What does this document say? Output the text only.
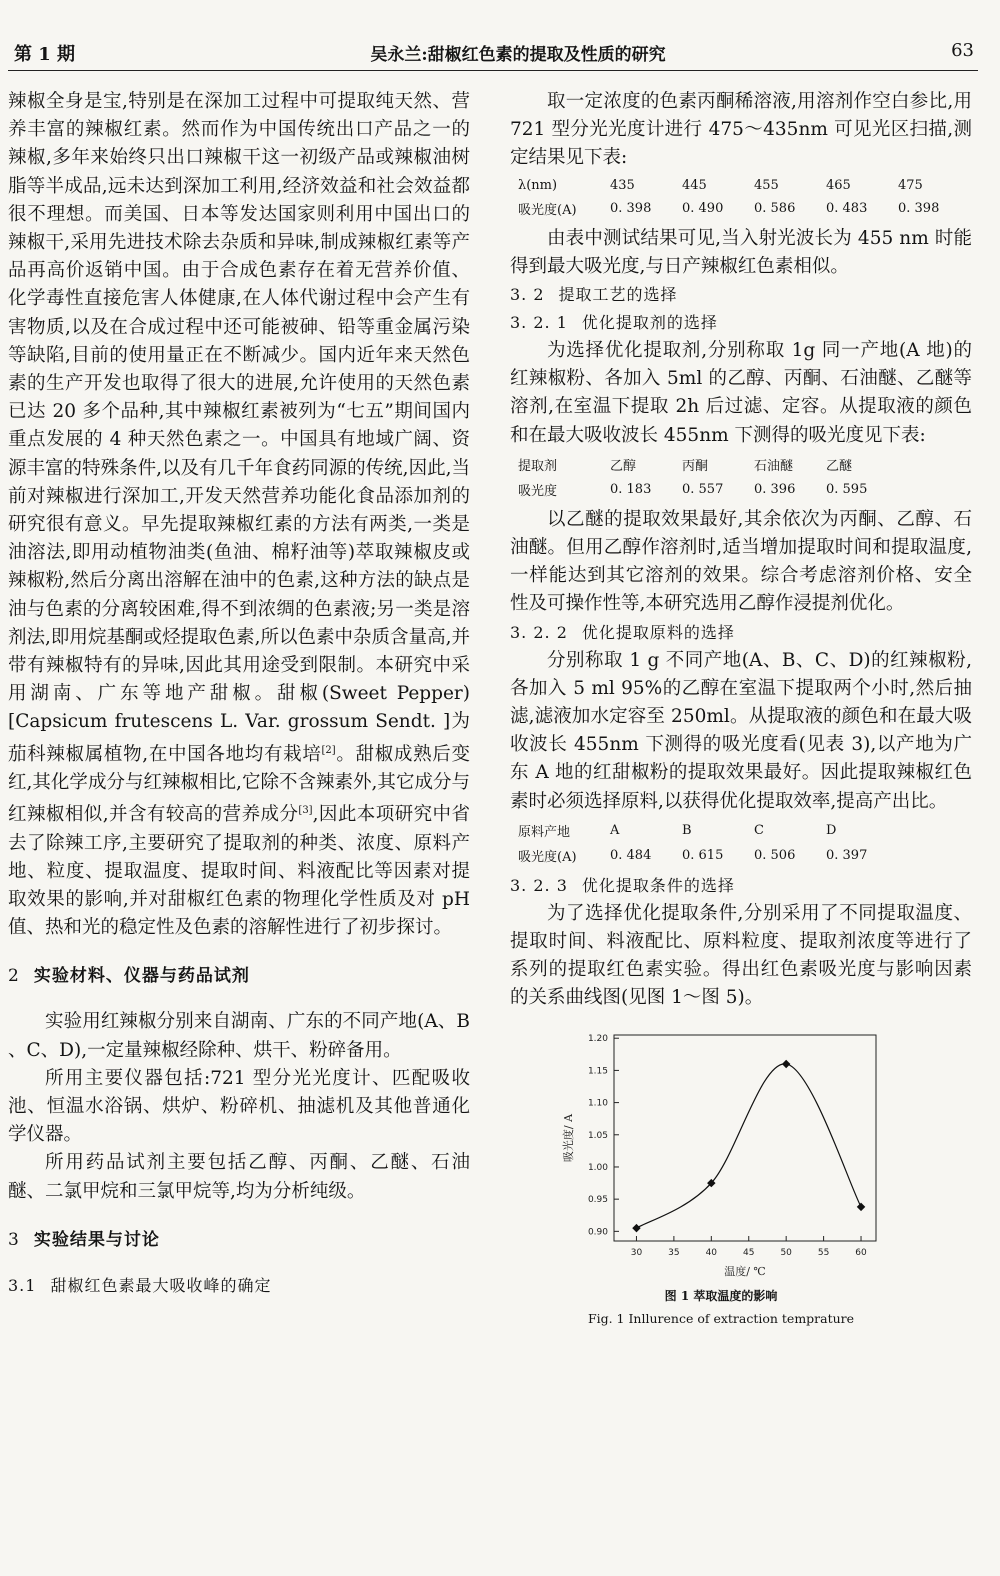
第 1 期	吴永兰:甜椒红色素的提取及性质的研究	63

辣椒全身是宝,特别是在深加工过程中可提取纯天然、营养丰富的辣椒红素。然而作为中国传统出口产品之一的辣椒,多年来始终只出口辣椒干这一初级产品或辣椒油树脂等半成品,远未达到深加工利用,经济效益和社会效益都很不理想。而美国、日本等发达国家则利用中国出口的辣椒干,采用先进技术除去杂质和异味,制成辣椒红素等产品再高价返销中国。由于合成色素存在着无营养价值、化学毒性直接危害人体健康,在人体代谢过程中会产生有害物质,以及在合成过程中还可能被砷、铅等重金属污染等缺陷,目前的使用量正在不断减少。国内近年来天然色素的生产开发也取得了很大的进展,允许使用的天然色素已达 20 多个品种,其中辣椒红素被列为“七五”期间国内重点发展的 4 种天然色素之一。中国具有地域广阔、资源丰富的特殊条件,以及有几千年食药同源的传统,因此,当前对辣椒进行深加工,开发天然营养功能化食品添加剂的研究很有意义。早先提取辣椒红素的方法有两类,一类是油溶法,即用动植物油类(鱼油、棉籽油等)萃取辣椒皮或辣椒粉,然后分离出溶解在油中的色素,这种方法的缺点是油与色素的分离较困难,得不到浓绸的色素液;另一类是溶剂法,即用烷基酮或烃提取色素,所以色素中杂质含量高,并带有辣椒特有的异味,因此其用途受到限制。本研究中采用湖南、广东等地产甜椒。甜椒(Sweet Pepper)[Capsicum frutescens L. Var. grossum Sendt. ]为茄科辣椒属植物,在中国各地均有栽培[2]。甜椒成熟后变红,其化学成分与红辣椒相比,它除不含辣素外,其它成分与红辣椒相似,并含有较高的营养成分[3],因此本项研究中省去了除辣工序,主要研究了提取剂的种类、浓度、原料产地、粒度、提取温度、提取时间、料液配比等因素对提取效果的影响,并对甜椒红色素的物理化学性质及对 pH 值、热和光的稳定性及色素的溶解性进行了初步探讨。

2 实验材料、仪器与药品试剂

实验用红辣椒分别来自湖南、广东的不同产地(A、B 、C、D),一定量辣椒经除种、烘干、粉碎备用。

所用主要仪器包括:721 型分光光度计、匹配吸收池、恒温水浴锅、烘炉、粉碎机、抽滤机及其他普通化学仪器。

所用药品试剂主要包括乙醇、丙酮、乙醚、石油醚、二氯甲烷和三氯甲烷等,均为分析纯级。

3 实验结果与讨论

3.1 甜椒红色素最大吸收峰的确定

取一定浓度的色素丙酮稀溶液,用溶剂作空白参比,用 721 型分光光度计进行 475～435nm 可见光区扫描,测定结果见下表:

λ(nm)	435	445	455	465	475
吸光度(A)	0. 398	0. 490	0. 586	0. 483	0. 398

由表中测试结果可见,当入射光波长为 455 nm 时能得到最大吸光度,与日产辣椒红色素相似。

3. 2 提取工艺的选择

3. 2. 1 优化提取剂的选择

为选择优化提取剂,分别称取 1g 同一产地(A 地)的红辣椒粉、各加入 5ml 的乙醇、丙酮、石油醚、乙醚等溶剂,在室温下提取 2h 后过滤、定容。从提取液的颜色和在最大吸收波长 455nm 下测得的吸光度见下表:

提取剂	乙醇	丙酮	石油醚	乙醚
吸光度	0. 183	0. 557	0. 396	0. 595

以乙醚的提取效果最好,其余依次为丙酮、乙醇、石油醚。但用乙醇作溶剂时,适当增加提取时间和提取温度,一样能达到其它溶剂的效果。综合考虑溶剂价格、安全性及可操作性等,本研究选用乙醇作浸提剂优化。

3. 2. 2 优化提取原料的选择

分别称取 1 g 不同产地(A、B、C、D)的红辣椒粉,各加入 5 ml 95%的乙醇在室温下提取两个小时,然后抽滤,滤液加水定容至 250ml。从提取液的颜色和在最大吸收波长 455nm 下测得的吸光度看(见表 3),以产地为广东 A 地的红甜椒粉的提取效果最好。因此提取辣椒红色素时必须选择原料,以获得优化提取效率,提高产出比。

原料产地	A	B	C	D
吸光度(A)	0. 484	0. 615	0. 506	0. 397

3. 2. 3 优化提取条件的选择

为了选择优化提取条件,分别采用了不同提取温度、提取时间、料液配比、原料粒度、提取剂浓度等进行了系列的提取红色素实验。得出红色素吸光度与影响因素的关系曲线图(见图 1～图 5)。

0.90
0.95
1.00
1.05
1.10
1.15
1.20
30	35	40	45	50	55	60
温度/ ℃
吸光度/ A
图 1 萃取温度的影响
Fig. 1 Inllurence of extraction temprature
